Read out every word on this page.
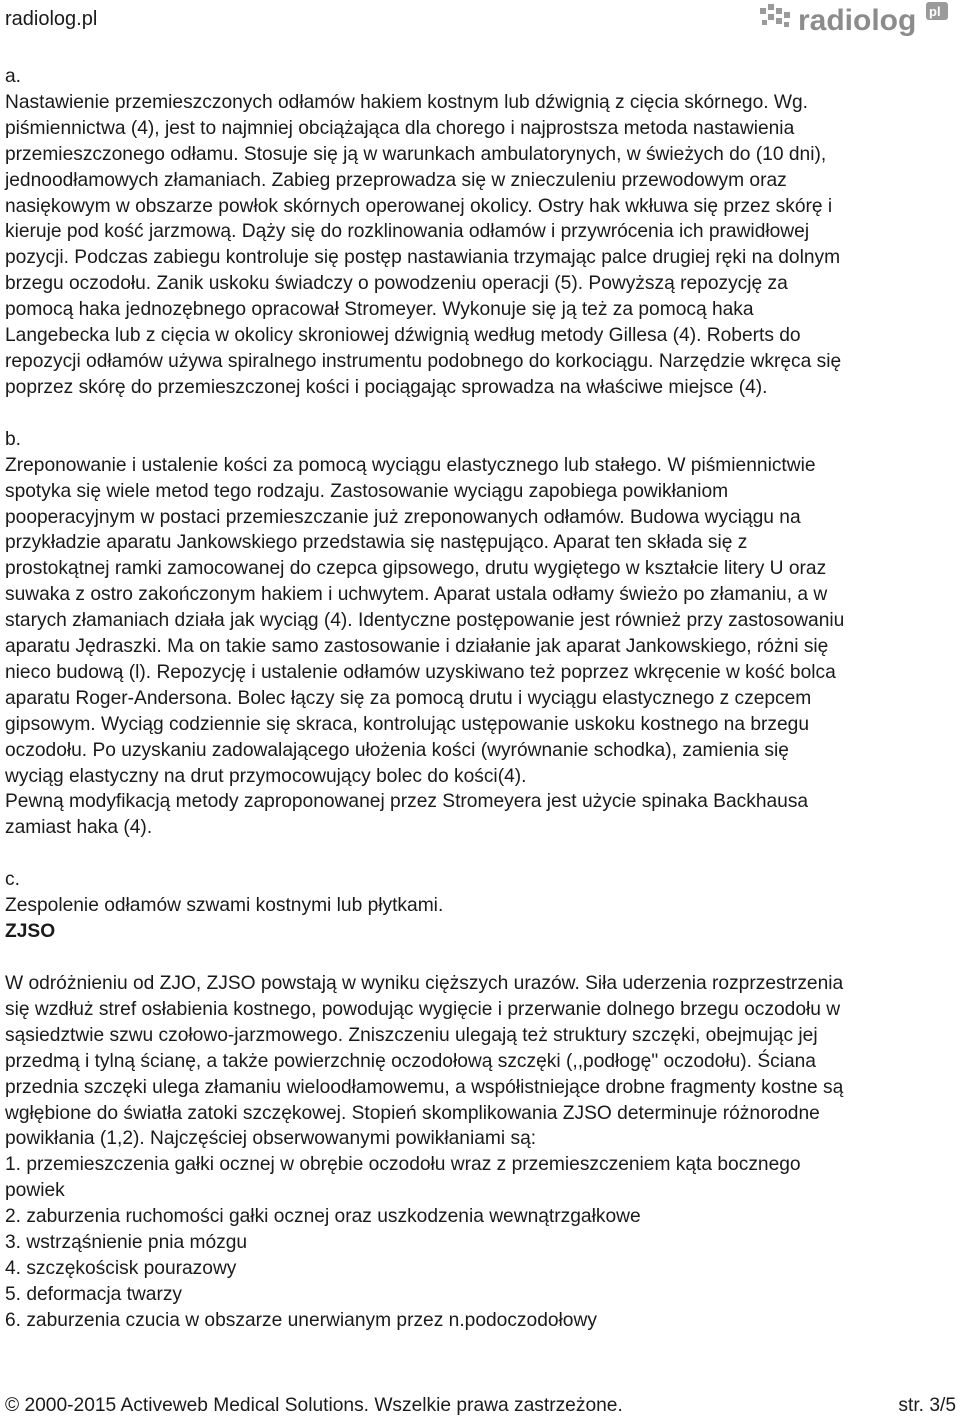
radiolog.pl	radiolog pl

a.

Nastawienie przemieszczonych odłamów hakiem kostnym lub dźwignią z cięcia skórnego. Wg.

piśmiennictwa (4), jest to najmniej obciążająca dla chorego i najprostsza metoda nastawienia

przemieszczonego odłamu. Stosuje się ją w warunkach ambulatorynych, w świeżych do (10 dni),

jednoodłamowych złamaniach. Zabieg przeprowadza się w znieczuleniu przewodowym oraz

nasiękowym w obszarze powłok skórnych operowanej okolicy. Ostry hak wkłuwa się przez skórę i

kieruje pod kość jarzmową. Dąży się do rozklinowania odłamów i przywrócenia ich prawidłowej

pozycji. Podczas zabiegu kontroluje się postęp nastawiania trzymając palce drugiej ręki na dolnym

brzegu oczodołu. Zanik uskoku świadczy o powodzeniu operacji (5). Powyższą repozycję za

pomocą haka jednozębnego opracował Stromeyer. Wykonuje się ją też za pomocą haka

Langebecka lub z cięcia w okolicy skroniowej dźwignią według metody Gillesa (4). Roberts do

repozycji odłamów używa spiralnego instrumentu podobnego do korkociągu. Narzędzie wkręca się

poprzez skórę do przemieszczonej kości i pociągając sprowadza na właściwe miejsce (4).

b.

Zreponowanie i ustalenie kości za pomocą wyciągu elastycznego lub stałego. W piśmiennictwie

spotyka się wiele metod tego rodzaju. Zastosowanie wyciągu zapobiega powikłaniom

pooperacyjnym w postaci przemieszczanie już zreponowanych odłamów. Budowa wyciągu na

przykładzie aparatu Jankowskiego przedstawia się następująco. Aparat ten składa się z

prostokątnej ramki zamocowanej do czepca gipsowego, drutu wygiętego w kształcie litery U oraz

suwaka z ostro zakończonym hakiem i uchwytem. Aparat ustala odłamy świeżo po złamaniu, a w

starych złamaniach działa jak wyciąg (4). Identyczne postępowanie jest również przy zastosowaniu

aparatu Jędraszki. Ma on takie samo zastosowanie i działanie jak aparat Jankowskiego, różni się

nieco budową (l). Repozycję i ustalenie odłamów uzyskiwano też poprzez wkręcenie w kość bolca

aparatu Roger-Andersona. Bolec łączy się za pomocą drutu i wyciągu elastycznego z czepcem

gipsowym. Wyciąg codziennie się skraca, kontrolując ustępowanie uskoku kostnego na brzegu

oczodołu. Po uzyskaniu zadowalającego ułożenia kości (wyrównanie schodka), zamienia się

wyciąg elastyczny na drut przymocowujący bolec do kości(4).

Pewną modyfikacją metody zaproponowanej przez Stromeyera jest użycie spinaka Backhausa

zamiast haka (4).

c.

Zespolenie odłamów szwami kostnymi lub płytkami.

ZJSO

W odróżnieniu od ZJO, ZJSO powstają w wyniku cięższych urazów. Siła uderzenia rozprzestrzenia

się wzdłuż stref osłabienia kostnego, powodując wygięcie i przerwanie dolnego brzegu oczodołu w

sąsiedztwie szwu czołowo-jarzmowego. Zniszczeniu ulegają też struktury szczęki, obejmując jej

przedmą i tylną ścianę, a także powierzchnię oczodołową szczęki (,,podłogę" oczodołu). Ściana

przednia szczęki ulega złamaniu wieloodłamowemu, a współistniejące drobne fragmenty kostne są

wgłębione do światła zatoki szczękowej. Stopień skomplikowania ZJSO determinuje różnorodne

powikłania (1,2). Najczęściej obserwowanymi powikłaniami są:

1. przemieszczenia gałki ocznej w obrębie oczodołu wraz z przemieszczeniem kąta bocznego

powiek

2. zaburzenia ruchomości gałki ocznej oraz uszkodzenia wewnątrzgałkowe

3. wstrząśnienie pnia mózgu

4. szczękościsk pourazowy

5. deformacja twarzy

6. zaburzenia czucia w obszarze unerwianym przez n.podoczodołowy

© 2000-2015 Activeweb Medical Solutions. Wszelkie prawa zastrzeżone.	str. 3/5
